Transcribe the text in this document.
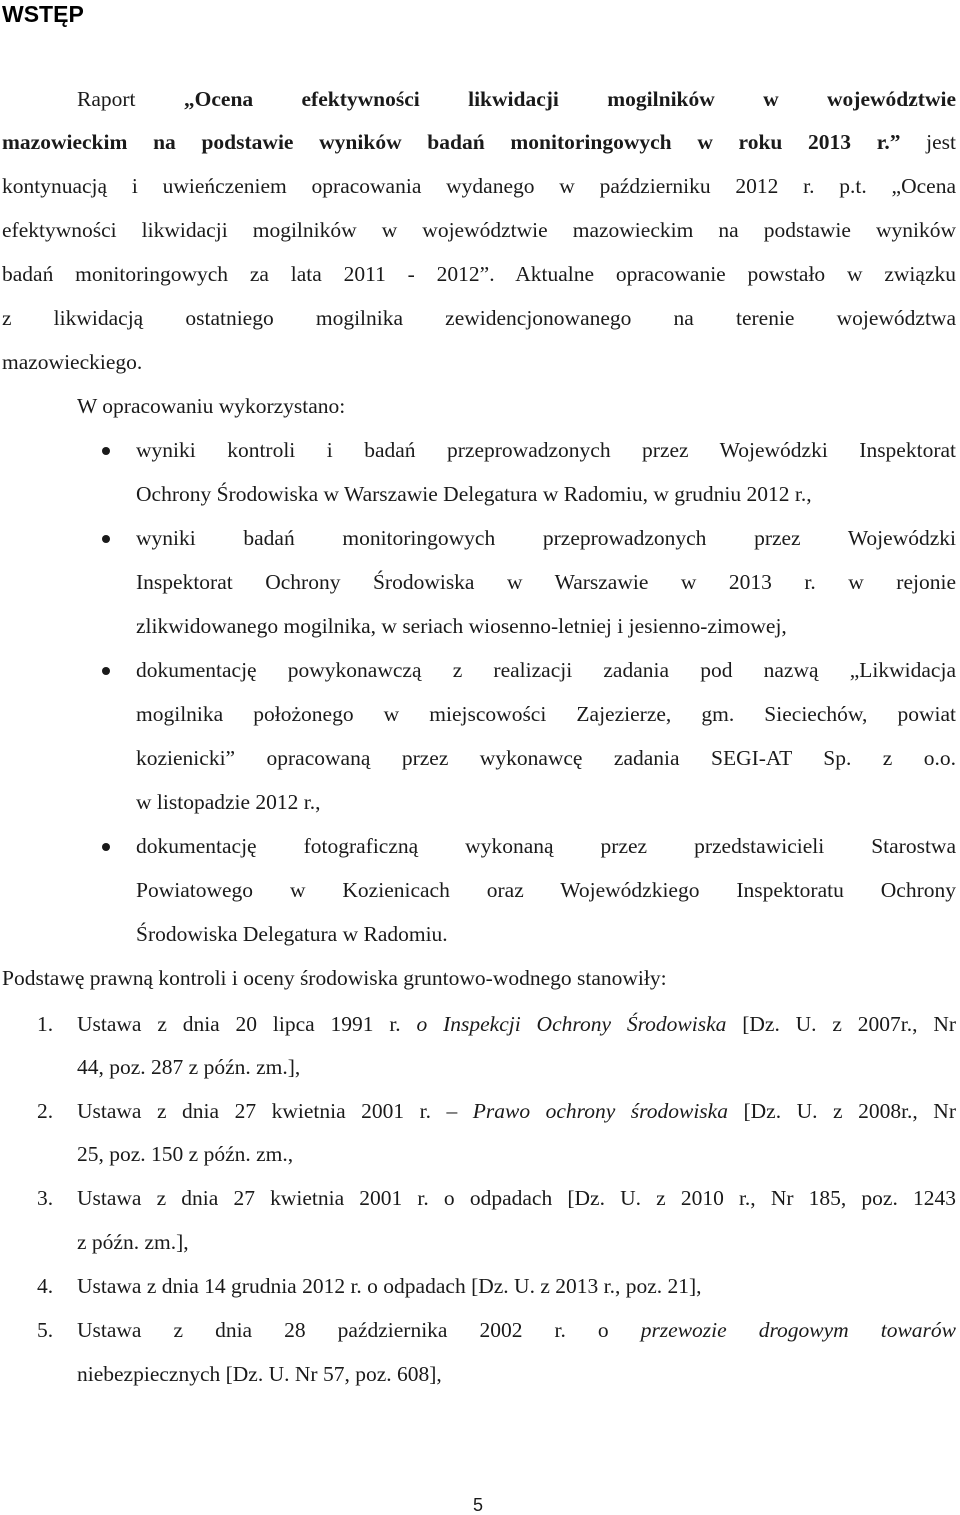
WSTĘP
Raport „Ocena efektywności likwidacji mogilników w województwie
mazowieckim na podstawie wyników badań monitoringowych w roku 2013 r.” jest
kontynuacją i uwieńczeniem opracowania wydanego w październiku 2012 r. p.t. „Ocena
efektywności likwidacji mogilników w województwie mazowieckim na podstawie wyników
badań monitoringowych za lata 2011 - 2012”. Aktualne opracowanie powstało w związku
z likwidacją ostatniego mogilnika zewidencjonowanego na terenie województwa
mazowieckiego.
W opracowaniu wykorzystano:
wyniki kontroli i badań przeprowadzonych przez Wojewódzki Inspektorat
Ochrony Środowiska w Warszawie Delegatura w Radomiu, w grudniu 2012 r.,
wyniki badań monitoringowych przeprowadzonych przez Wojewódzki
Inspektorat Ochrony Środowiska w Warszawie w 2013 r. w rejonie
zlikwidowanego mogilnika, w seriach wiosenno-letniej i jesienno-zimowej,
dokumentację powykonawczą z realizacji zadania pod nazwą „Likwidacja
mogilnika położonego w miejscowości Zajezierze, gm. Sieciechów, powiat
kozienicki” opracowaną przez wykonawcę zadania SEGI-AT Sp. z o.o.
w listopadzie 2012 r.,
dokumentację fotograficzną wykonaną przez przedstawicieli Starostwa
Powiatowego w Kozienicach oraz Wojewódzkiego Inspektoratu Ochrony
Środowiska Delegatura w Radomiu.
Podstawę prawną kontroli i oceny środowiska gruntowo-wodnego stanowiły:
1. Ustawa z dnia 20 lipca 1991 r. o Inspekcji Ochrony Środowiska [Dz. U. z 2007r., Nr
44, poz. 287 z późn. zm.],
2. Ustawa z dnia 27 kwietnia 2001 r. – Prawo ochrony środowiska [Dz. U. z 2008r., Nr
25, poz. 150 z późn. zm.,
3. Ustawa z dnia 27 kwietnia 2001 r. o odpadach [Dz. U. z 2010 r., Nr 185, poz. 1243
z późn. zm.],
4. Ustawa z dnia 14 grudnia 2012 r. o odpadach [Dz. U. z 2013 r., poz. 21],
5. Ustawa z dnia 28 października 2002 r. o przewozie drogowym towarów
niebezpiecznych [Dz. U. Nr 57, poz. 608],
5
